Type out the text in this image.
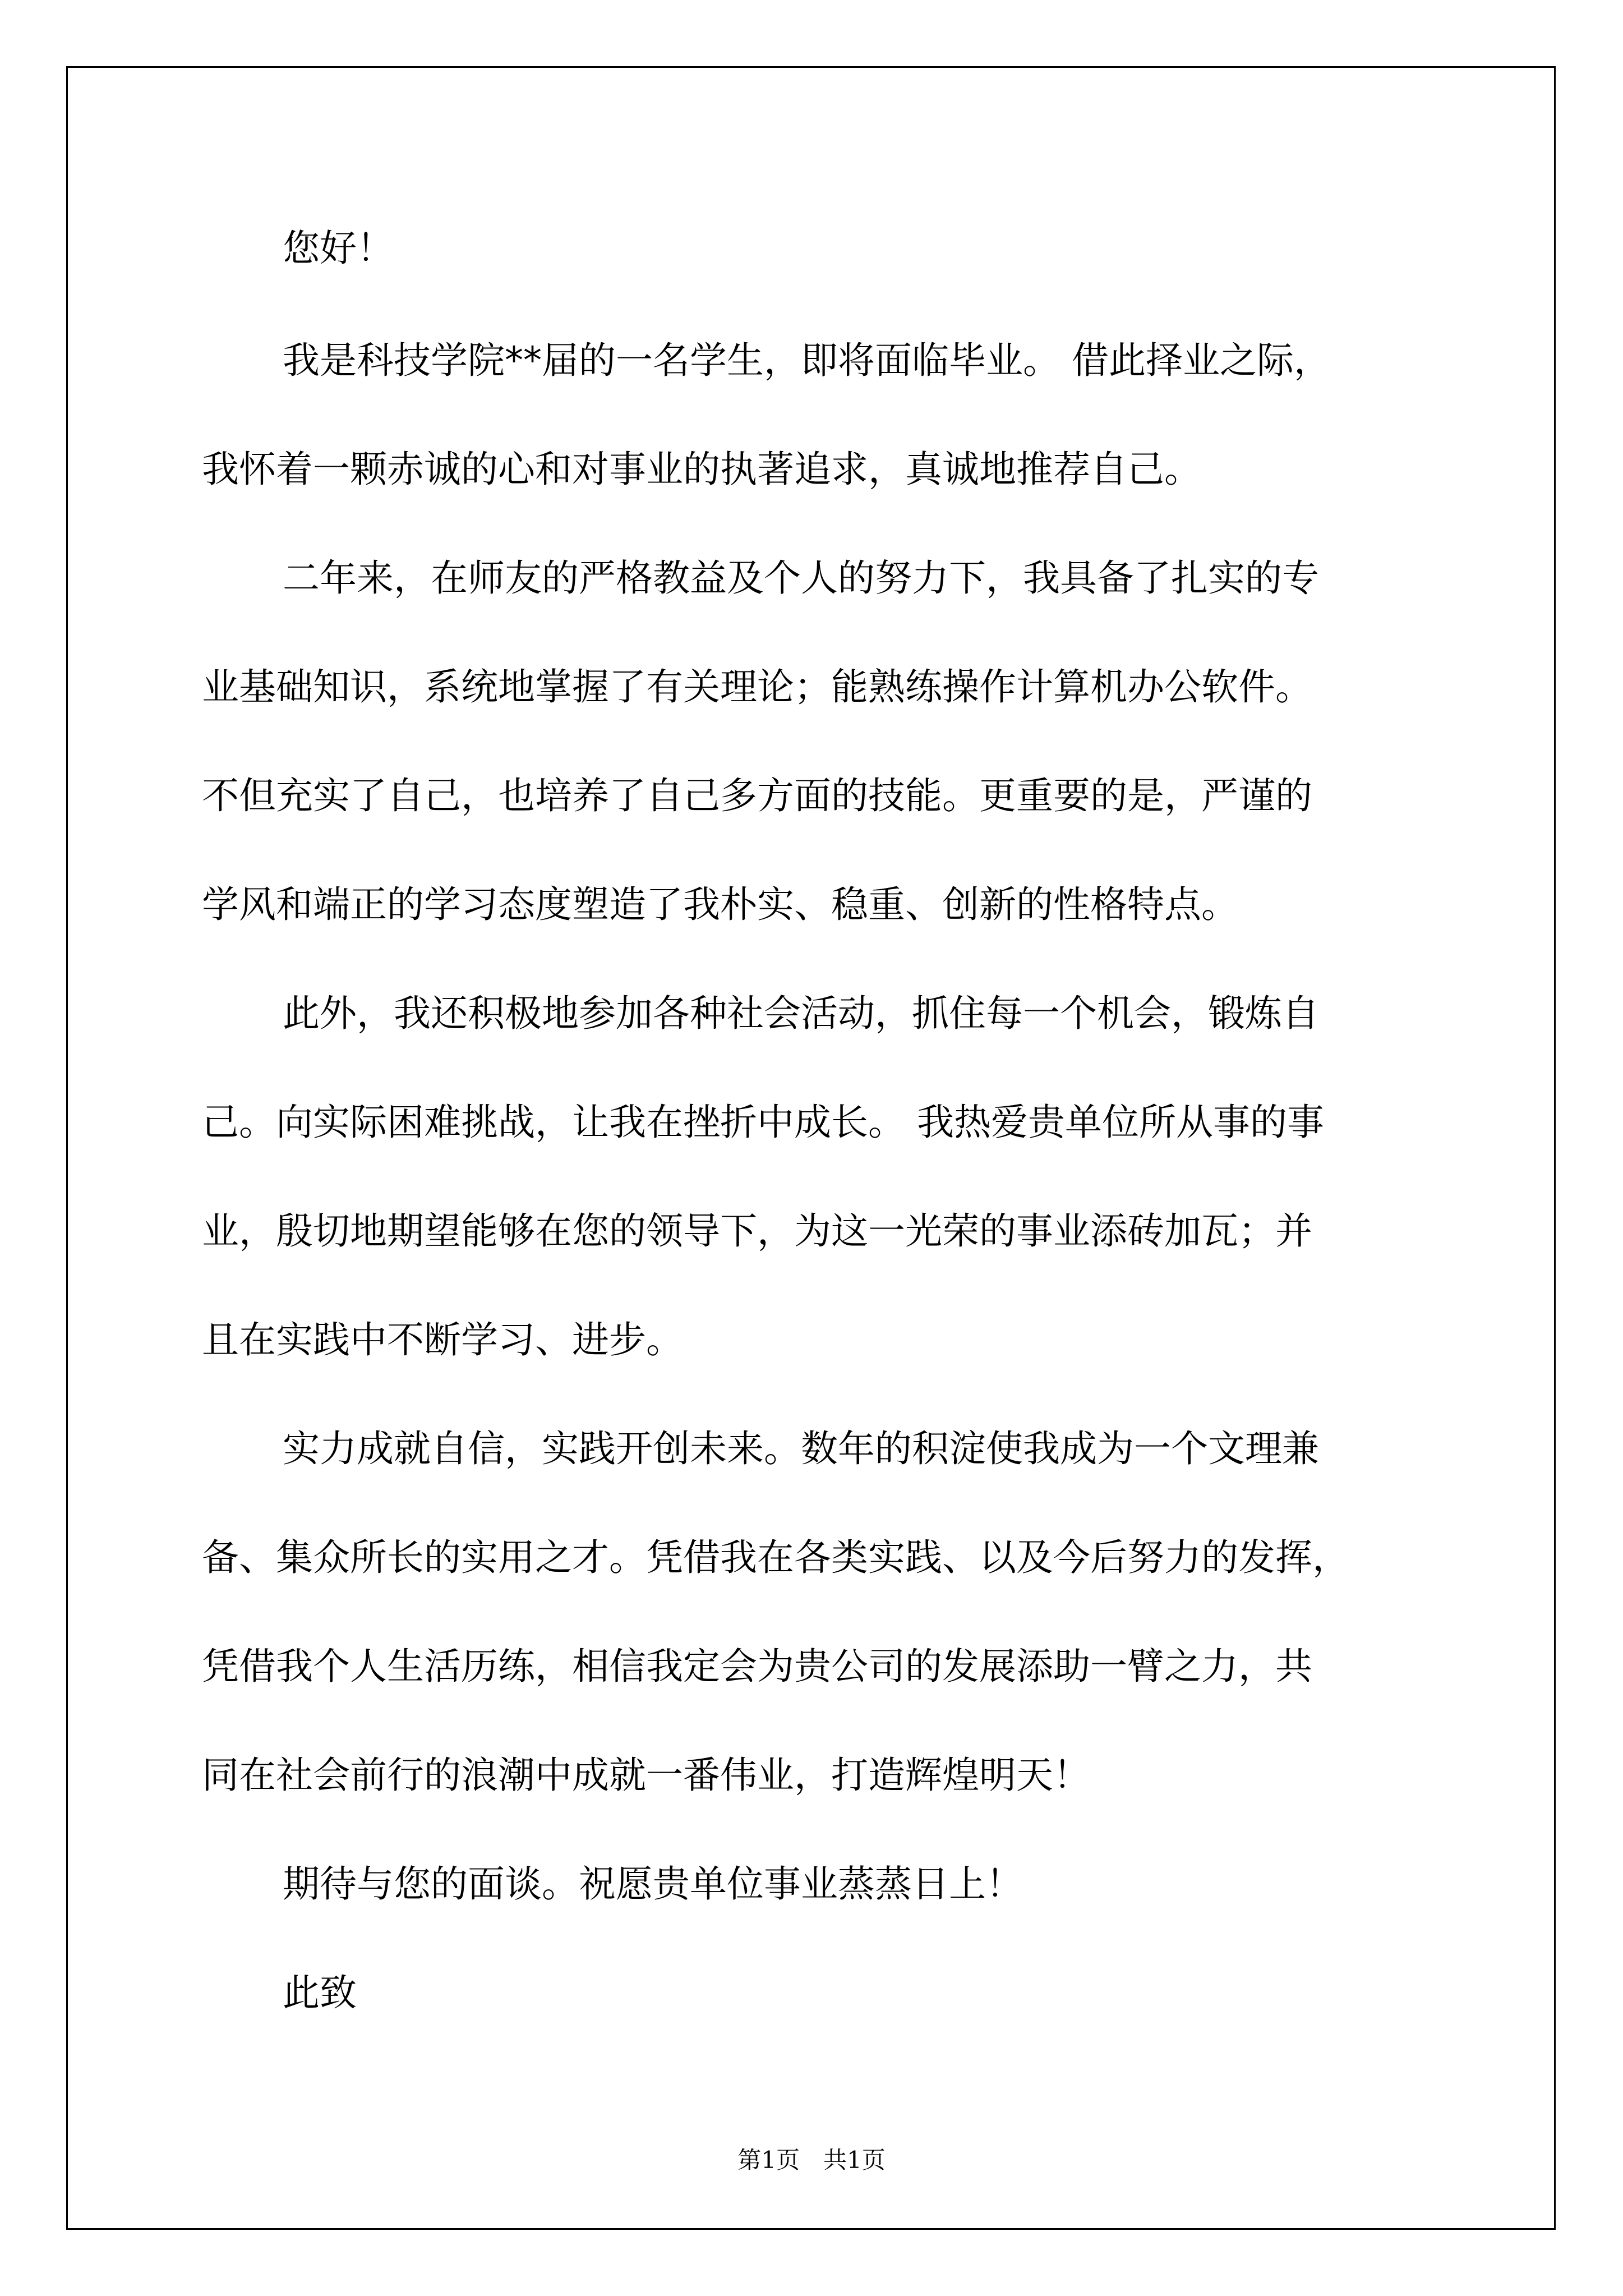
您好！
我是科技学院**届的一名学生，即将面临毕业。 借此择业之际，
我怀着一颗赤诚的心和对事业的执著追求，真诚地推荐自己。
二年来，在师友的严格教益及个人的努力下，我具备了扎实的专
业基础知识，系统地掌握了有关理论；能熟练操作计算机办公软件。
不但充实了自己，也培养了自己多方面的技能。更重要的是，严谨的
学风和端正的学习态度塑造了我朴实、稳重、创新的性格特点。
此外，我还积极地参加各种社会活动，抓住每一个机会，锻炼自
己。向实际困难挑战，让我在挫折中成长。 我热爱贵单位所从事的事
业，殷切地期望能够在您的领导下，为这一光荣的事业添砖加瓦；并
且在实践中不断学习、进步。
实力成就自信，实践开创未来。数年的积淀使我成为一个文理兼
备、集众所长的实用之才。凭借我在各类实践、以及今后努力的发挥，
凭借我个人生活历练，相信我定会为贵公司的发展添助一臂之力，共
同在社会前行的浪潮中成就一番伟业，打造辉煌明天！
期待与您的面谈。祝愿贵单位事业蒸蒸日上！
此致
第1页　共1页
